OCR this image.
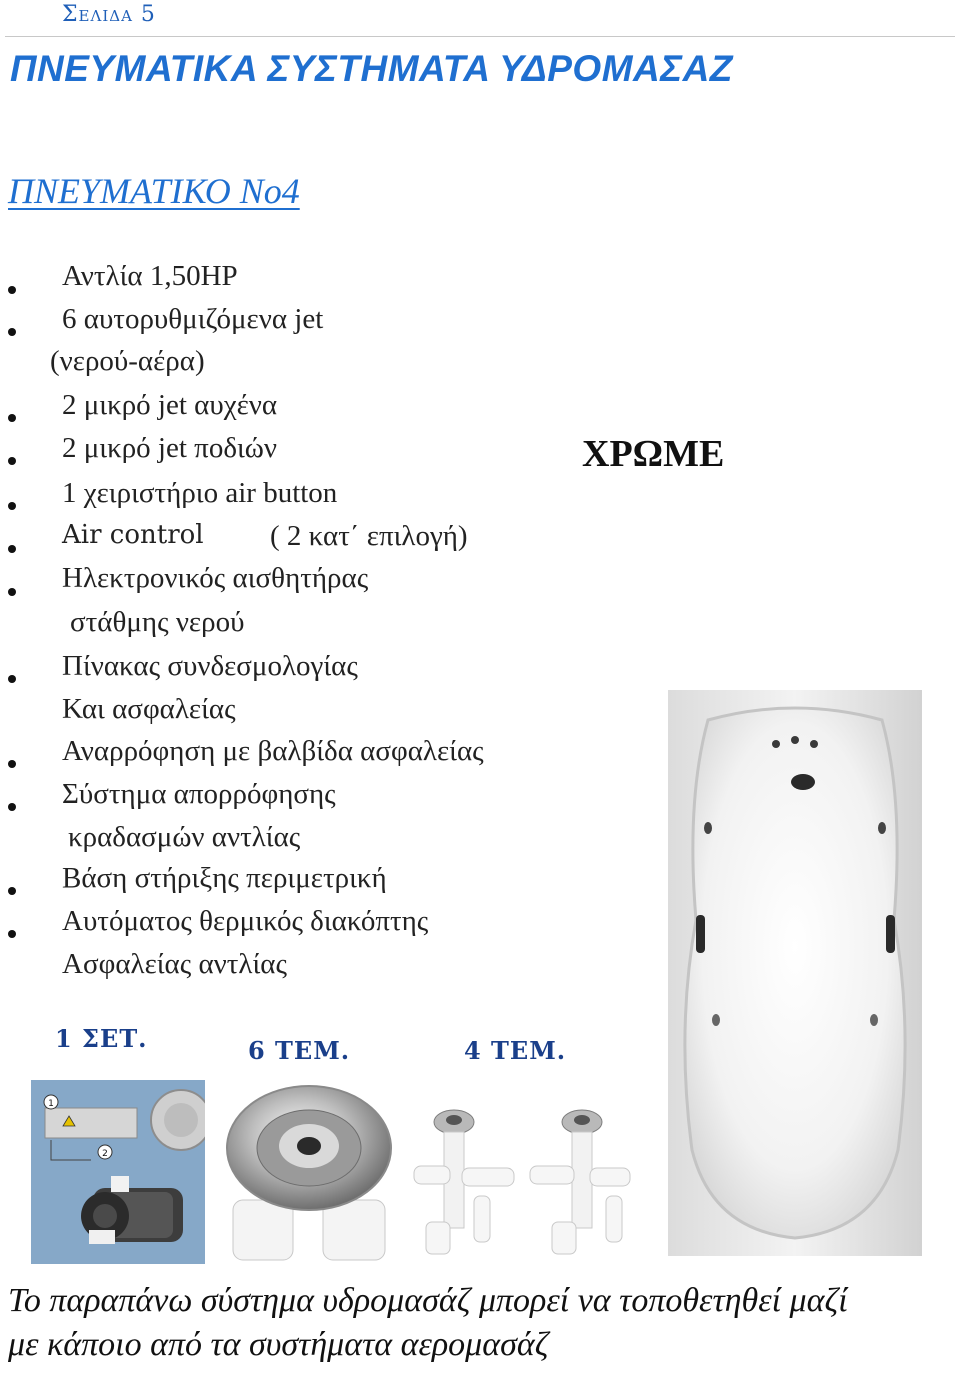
Σελιδα 5
ΠΝΕΥΜΑΤΙΚΑ ΣΥΣΤΗΜΑΤΑ ΥΔΡΟΜΑΣΑΖ
ΠΝΕΥΜΑΤΙΚΟ Νο4
Αντλία 1,50HP
6 αυτορυθμιζόμενα jet
(νερού-αέρα)
2 μικρό jet αυχένα
2 μικρό jet ποδιών
1 χειριστήριο air button
Air control ( 2 κατ΄ επιλογή)
Ηλεκτρονικός αισθητήρας
στάθμης νερού
Πίνακας συνδεσμολογίας
Και ασφαλείας
Αναρρόφηση με βαλβίδα ασφαλείας
Σύστημα απορρόφησης
κραδασμών αντλίας
Βάση στήριξης περιμετρική
Αυτόματος θερμικός διακόπτης
Ασφαλείας αντλίας
ΧΡΩΜΕ
1 ΣΕΤ.	6 ΤΕΜ.	4 ΤΕΜ.
1
2
Το παραπάνω σύστημα υδρομασάζ μπορεί να τοποθετηθεί μαζί
με κάποιο από τα συστήματα αερομασάζ
